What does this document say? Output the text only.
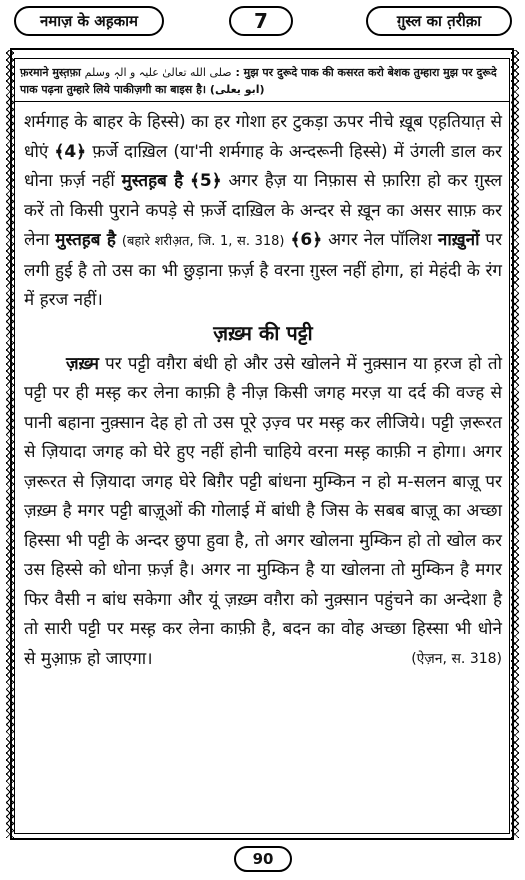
नमाज़ के अह़काम	7	ग़ुस्ल का त़रीक़ा
फ़रमाने मुस्त़फ़ा صلى الله تعالیٰ علیہ و الہٖ وسلم : मुझ पर दुरूदे पाक की कसरत करो बेशक तुम्हारा मुझ पर दुरूदे पाक पढ़ना तुम्हारे लिये पाकीज़गी का बाइस है। (ابو یعلی)

शर्मगाह के बाहर के हिस्से) का हर गोशा हर टुकड़ा ऊपर नीचे ख़ूब एह़तियात़ से धोएं ﴾4﴿ फ़र्जे दाख़िल (या'नी शर्मगाह के अन्दरूनी हिस्से) में उंगली डाल कर धोना फ़र्ज़ नहीं मुस्तह़ब है ﴾5﴿ अगर हैज़ या निफ़ास से फ़ारिग़ हो कर ग़ुस्ल करें तो किसी पुराने कपड़े से फ़र्जे दाख़िल के अन्दर से ख़ून का असर साफ़ कर लेना मुस्तह़ब है (बहारे शरीअ़त, जि. 1, स. 318) ﴾6﴿ अगर नेल पॉलिश नाख़ुनों पर लगी हुई है तो उस का भी छुड़ाना फ़र्ज़ है वरना ग़ुस्ल नहीं होगा, हां मेहंदी के रंग में ह़रज नहीं।

ज़ख़्म की पट्टी

ज़ख़्म पर पट्टी वग़ैरा बंधी हो और उसे खोलने में नुक़्सान या ह़रज हो तो पट्टी पर ही मस्ह़ कर लेना काफ़ी है नीज़ किसी जगह मरज़ या दर्द की वज्ह से पानी बहाना नुक़्सान देह हो तो उस पूरे उ़ज़्व पर मस्ह़ कर लीजिये। पट्टी ज़रूरत से ज़ियादा जगह को घेरे हुए नहीं होनी चाहिये वरना मस्ह़ काफ़ी न होगा। अगर ज़रूरत से ज़ियादा जगह घेरे बिग़ैर पट्टी बांधना मुम्किन न हो म-सलन बाज़ू पर ज़ख़्म है मगर पट्टी बाज़ूओं की गोलाई में बांधी है जिस के सबब बाज़ू का अच्छा हिस्सा भी पट्टी के अन्दर छुपा हुवा है, तो अगर खोलना मुम्किन हो तो खोल कर उस हिस्से को धोना फ़र्ज़ है। अगर ना मुम्किन है या खोलना तो मुम्किन है मगर फिर वैसी न बांध सकेगा और यूं ज़ख़्म वग़ैरा को नुक़्सान पहुंचने का अन्देशा है तो सारी पट्टी पर मस्ह़ कर लेना काफ़ी है, बदन का वोह अच्छा हिस्सा भी धोने से मुआ़फ़ हो जाएगा।	(ऐज़न, स. 318)

90
